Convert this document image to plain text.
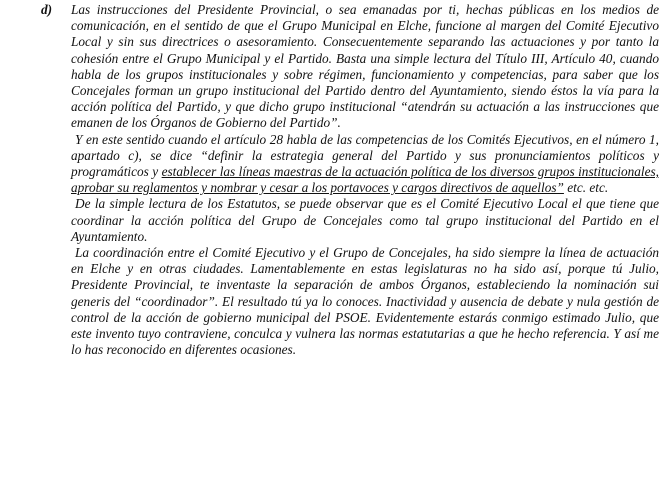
d) Las instrucciones del Presidente Provincial, o sea emanadas por ti, hechas públicas en los medios de comunicación, en el sentido de que el Grupo Municipal en Elche, funcione al margen del Comité Ejecutivo Local y sin sus directrices o asesoramiento. Consecuentemente separando las actuaciones y por tanto la cohesión entre el Grupo Municipal y el Partido. Basta una simple lectura del Título III, Artículo 40, cuando habla de los grupos institucionales y sobre régimen, funcionamiento y competencias, para saber que los Concejales forman un grupo institucional del Partido dentro del Ayuntamiento, siendo éstos la vía para la acción política del Partido, y que dicho grupo institucional “atendrán su actuación a las instrucciones que emanen de los Órganos de Gobierno del Partido”.

Y en este sentido cuando el artículo 28 habla de las competencias de los Comités Ejecutivos, en el número 1, apartado c), se dice “definir la estrategia general del Partido y sus pronunciamientos políticos y programáticos y establecer las líneas maestras de la actuación política de los diversos grupos institucionales, aprobar su reglamentos y nombrar y cesar a los portavoces y cargos directivos de aquellos” etc. etc.

De la simple lectura de los Estatutos, se puede observar que es el Comité Ejecutivo Local el que tiene que coordinar la acción política del Grupo de Concejales como tal grupo institucional del Partido en el Ayuntamiento.

La coordinación entre el Comité Ejecutivo y el Grupo de Concejales, ha sido siempre la línea de actuación en Elche y en otras ciudades. Lamentablemente en estas legislaturas no ha sido así, porque tú Julio, Presidente Provincial, te inventaste la separación de ambos Órganos, estableciendo la nominación sui generis del “coordinador”. El resultado tú ya lo conoces. Inactividad y ausencia de debate y nula gestión de control de la acción de gobierno municipal del PSOE. Evidentemente estarás conmigo estimado Julio, que este invento tuyo contraviene, conculca y vulnera las normas estatutarias a que he hecho referencia. Y así me lo has reconocido en diferentes ocasiones.
